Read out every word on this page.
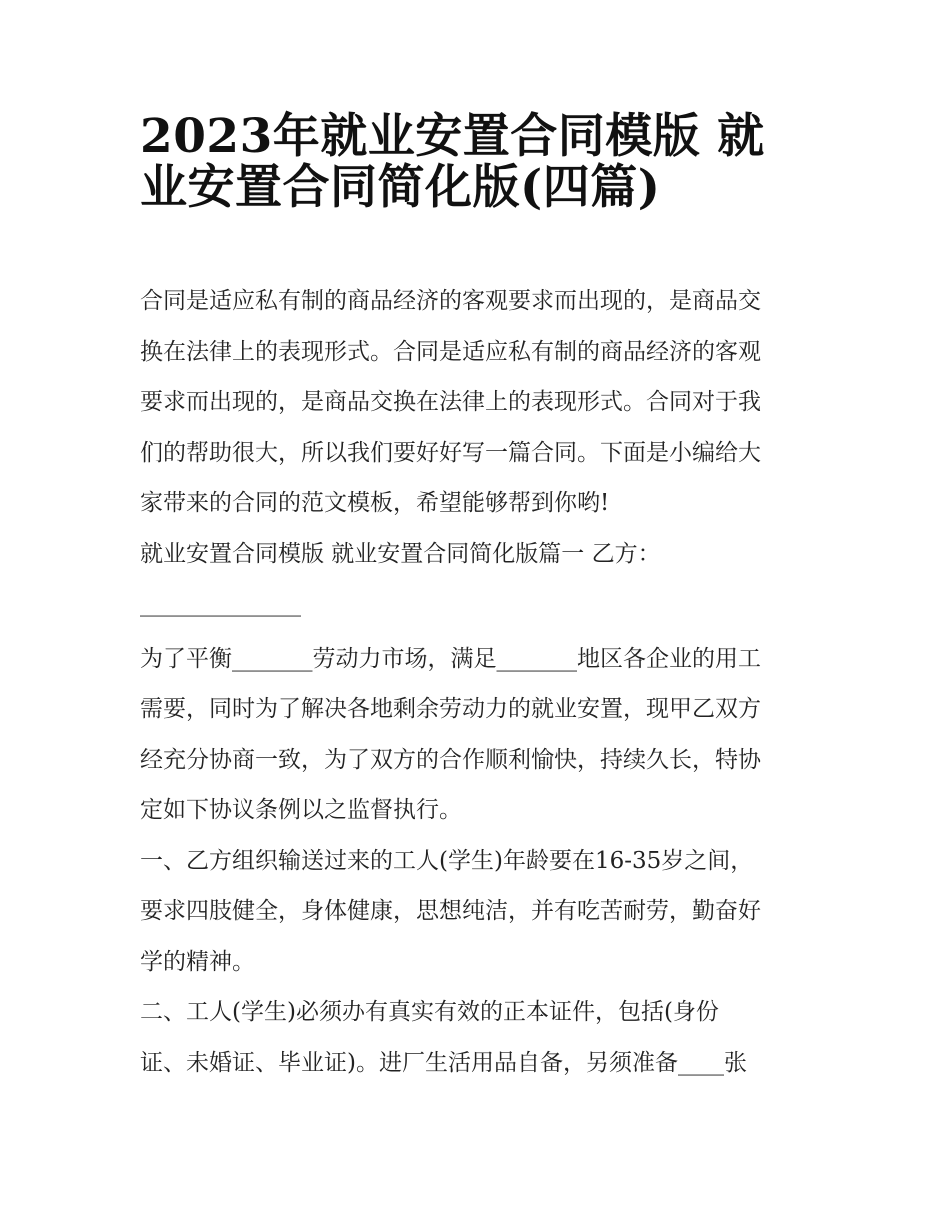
2023年就业安置合同模版 就
业安置合同简化版(四篇)
合同是适应私有制的商品经济的客观要求而出现的，是商品交
换在法律上的表现形式。合同是适应私有制的商品经济的客观
要求而出现的，是商品交换在法律上的表现形式。合同对于我
们的帮助很大，所以我们要好好写一篇合同。下面是小编给大
家带来的合同的范文模板，希望能够帮到你哟!
就业安置合同模版 就业安置合同简化版篇一 乙方：
______________
为了平衡_______劳动力市场，满足_______地区各企业的用工
需要，同时为了解决各地剩余劳动力的就业安置，现甲乙双方
经充分协商一致，为了双方的合作顺利愉快，持续久长，特协
定如下协议条例以之监督执行。
一、乙方组织输送过来的工人(学生)年龄要在16-35岁之间，
要求四肢健全，身体健康，思想纯洁，并有吃苦耐劳，勤奋好
学的精神。
二、工人(学生)必须办有真实有效的正本证件，包括(身份
证、未婚证、毕业证)。进厂生活用品自备，另须准备____张
